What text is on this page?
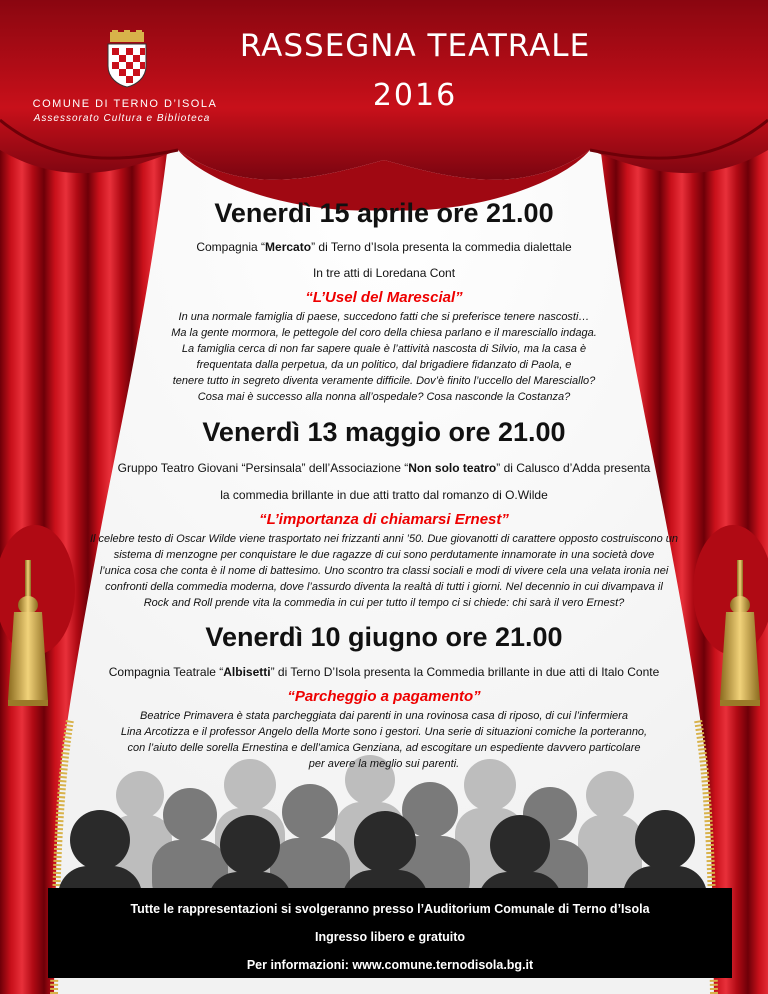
COMUNE DI TERNO D’ISOLA
Assessorato Cultura e Biblioteca
RASSEGNA TEATRALE
2016
Venerdì 15 aprile ore 21.00
Compagnia “Mercato” di Terno d’Isola presenta la commedia dialettale
In tre atti di Loredana Cont
“L’Usel del Marescial”
In una normale famiglia di paese, succedono fatti che si preferisce tenere nascosti…
Ma la gente mormora, le pettegole del coro della chiesa parlano e il maresciallo indaga.
La famiglia cerca di non far sapere quale è l’attività nascosta di Silvio, ma la casa è
frequentata dalla perpetua, da un politico, dal brigadiere fidanzato di Paola, e
tenere tutto in segreto diventa veramente difficile. Dov’è finito l’uccello del Maresciallo?
Cosa mai è successo alla nonna all’ospedale? Cosa nasconde la Costanza?
Venerdì 13 maggio ore 21.00
Gruppo Teatro Giovani “Persinsala” dell’Associazione “Non solo teatro” di Calusco d’Adda presenta
la commedia brillante in due atti tratto dal romanzo di O.Wilde
“L’importanza di chiamarsi Ernest”
Il celebre testo di Oscar Wilde viene trasportato nei frizzanti anni ’50. Due giovanotti di carattere opposto costruiscono un
sistema di menzogne per conquistare le due ragazze di cui sono perdutamente innamorate in una società dove
l’unica cosa che conta è il nome di battesimo. Uno scontro tra classi sociali e modi di vivere cela una velata ironia nei
confronti della commedia moderna, dove l’assurdo diventa la realtà di tutti i giorni. Nel decennio in cui divampava il
Rock and Roll prende vita la commedia in cui per tutto il tempo ci si chiede: chi sarà il vero Ernest?
Venerdì 10 giugno ore 21.00
Compagnia Teatrale “Albisetti” di Terno D’Isola presenta la Commedia brillante in due atti di Italo Conte
“Parcheggio a pagamento”
Beatrice Primavera è stata parcheggiata dai parenti in una rovinosa casa di riposo, di cui l’infermiera
Lina Arcotizza e il professor Angelo della Morte sono i gestori. Una serie di situazioni comiche la porteranno,
con l’aiuto delle sorella Ernestina e dell’amica Genziana, ad escogitare un espediente davvero particolare
per avere la meglio sui parenti.
Tutte le rappresentazioni si svolgeranno presso l’Auditorium Comunale di Terno d’Isola
Ingresso libero e gratuito
Per informazioni: www.comune.ternodisola.bg.it
